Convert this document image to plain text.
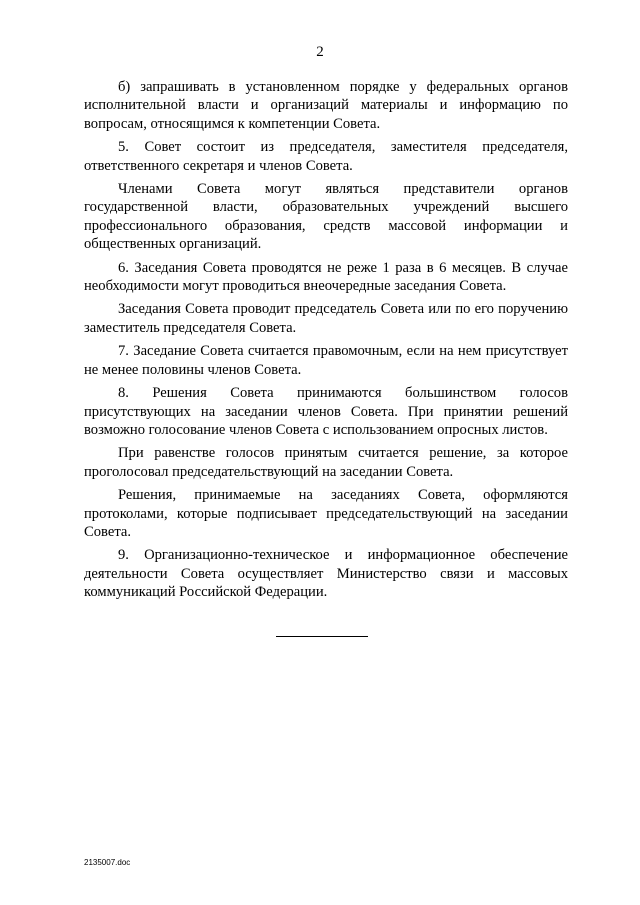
2

б) запрашивать в установленном порядке у федеральных органов исполнительной власти и организаций материалы и информацию по вопросам, относящимся к компетенции Совета.

5. Совет состоит из председателя, заместителя председателя, ответственного секретаря и членов Совета.

Членами Совета могут являться представители органов государственной власти, образовательных учреждений высшего профессионального образования, средств массовой информации и общественных организаций.

6. Заседания Совета проводятся не реже 1 раза в 6 месяцев. В случае необходимости могут проводиться внеочередные заседания Совета.

Заседания Совета проводит председатель Совета или по его поручению заместитель председателя Совета.

7. Заседание Совета считается правомочным, если на нем присутствует не менее половины членов Совета.

8. Решения Совета принимаются большинством голосов присутствующих на заседании членов Совета. При принятии решений возможно голосование членов Совета с использованием опросных листов.

При равенстве голосов принятым считается решение, за которое проголосовал председательствующий на заседании Совета.

Решения, принимаемые на заседаниях Совета, оформляются протоколами, которые подписывает председательствующий на заседании Совета.

9. Организационно-техническое и информационное обеспечение деятельности Совета осуществляет Министерство связи и массовых коммуникаций Российской Федерации.

2135007.doc
